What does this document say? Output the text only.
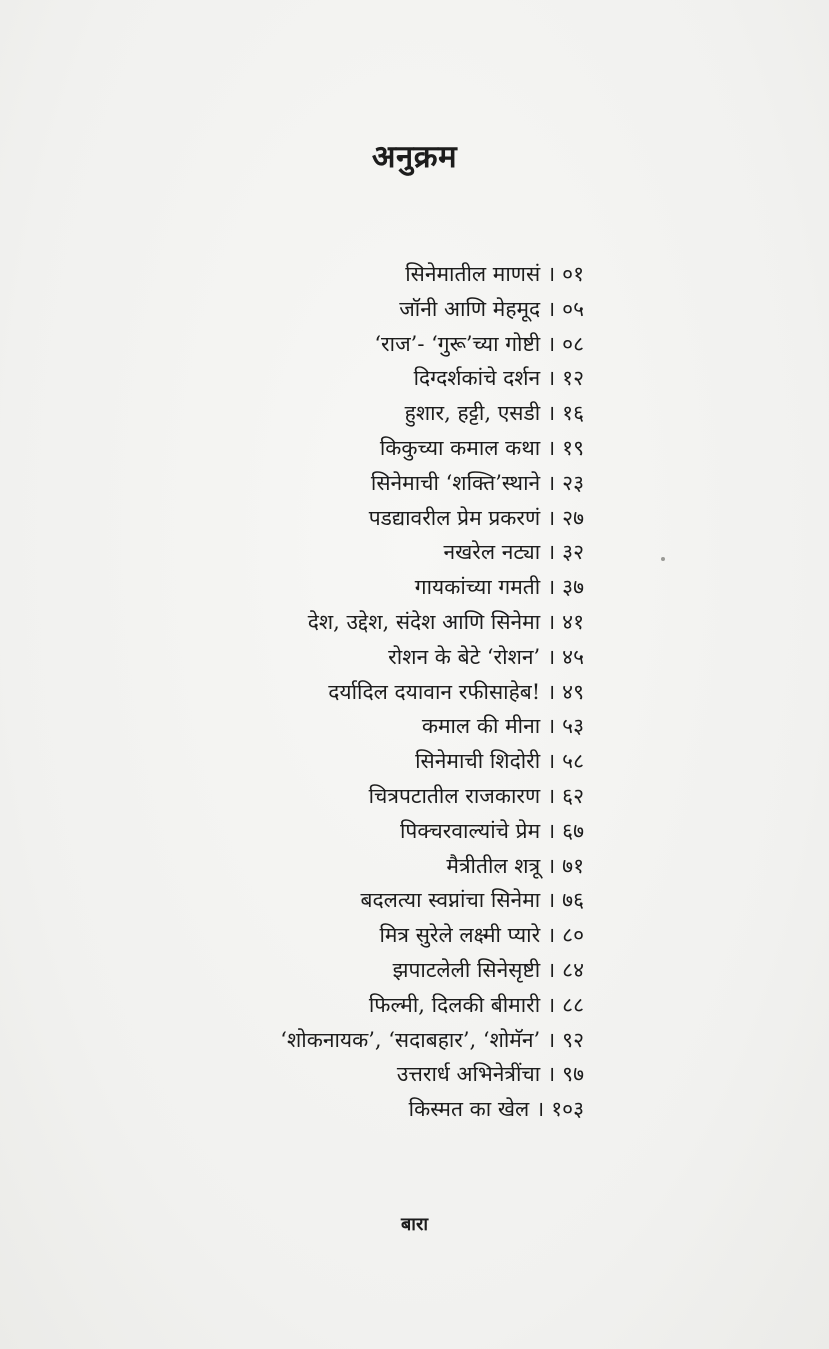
अनुक्रम
सिनेमातील माणसं । ०१
जॉनी आणि मेहमूद । ०५
‘राज’- ‘गुरू’च्या गोष्टी । ०८
दिग्दर्शकांचे दर्शन । १२
हुशार, हट्टी, एसडी । १६
किकुच्या कमाल कथा । १९
सिनेमाची ‘शक्ति’स्थाने । २३
पडद्यावरील प्रेम प्रकरणं । २७
नखरेल नट्या । ३२
गायकांच्या गमती । ३७
देश, उद्देश, संदेश आणि सिनेमा । ४१
रोशन के बेटे ‘रोशन’ । ४५
दर्यादिल दयावान रफीसाहेब! । ४९
कमाल की मीना । ५३
सिनेमाची शिदोरी । ५८
चित्रपटातील राजकारण । ६२
पिक्चरवाल्यांचे प्रेम । ६७
मैत्रीतील शत्रू । ७१
बदलत्या स्वप्नांचा सिनेमा । ७६
मित्र सुरेले लक्ष्मी प्यारे । ८०
झपाटलेली सिनेसृष्टी । ८४
फिल्मी, दिलकी बीमारी । ८८
‘शोकनायक’, ‘सदाबहार’, ‘शोमॅन’ । ९२
उत्तरार्ध अभिनेत्रींचा । ९७
किस्मत का खेल । १०३
बारा
